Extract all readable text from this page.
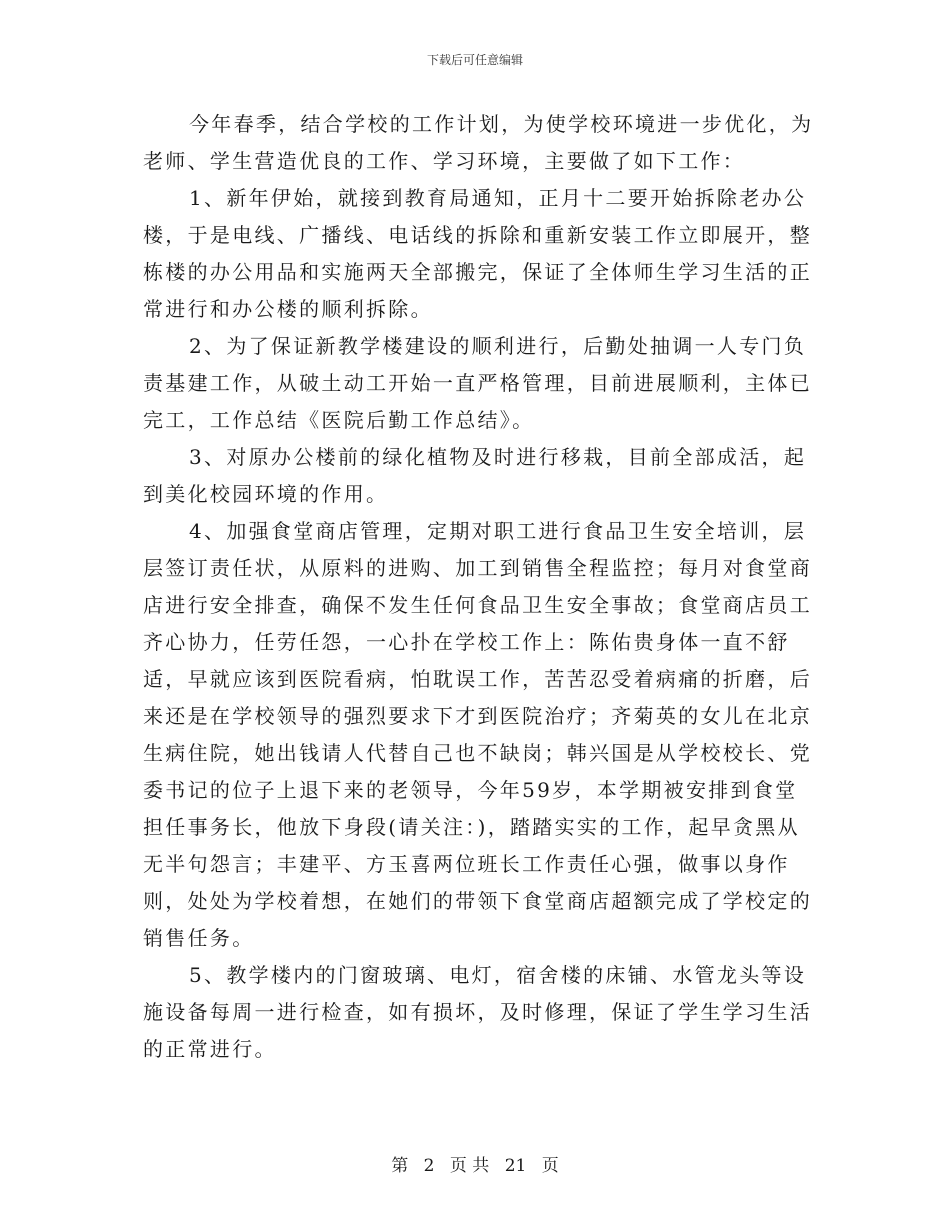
下载后可任意编辑

今年春季，结合学校的工作计划，为使学校环境进一步优化，为老师、学生营造优良的工作、学习环境，主要做了如下工作：

1、新年伊始，就接到教育局通知，正月十二要开始拆除老办公楼，于是电线、广播线、电话线的拆除和重新安装工作立即展开，整栋楼的办公用品和实施两天全部搬完，保证了全体师生学习生活的正常进行和办公楼的顺利拆除。

2、为了保证新教学楼建设的顺利进行，后勤处抽调一人专门负责基建工作，从破土动工开始一直严格管理，目前进展顺利，主体已完工，工作总结《医院后勤工作总结》。

3、对原办公楼前的绿化植物及时进行移栽，目前全部成活，起到美化校园环境的作用。

4、加强食堂商店管理，定期对职工进行食品卫生安全培训，层层签订责任状，从原料的进购、加工到销售全程监控；每月对食堂商店进行安全排查，确保不发生任何食品卫生安全事故；食堂商店员工齐心协力，任劳任怨，一心扑在学校工作上：陈佑贵身体一直不舒适，早就应该到医院看病，怕耽误工作，苦苦忍受着病痛的折磨，后来还是在学校领导的强烈要求下才到医院治疗；齐菊英的女儿在北京生病住院，她出钱请人代替自己也不缺岗；韩兴国是从学校校长、党委书记的位子上退下来的老领导，今年59岁，本学期被安排到食堂担任事务长，他放下身段(请关注：)，踏踏实实的工作，起早贪黑从无半句怨言；丰建平、方玉喜两位班长工作责任心强，做事以身作则，处处为学校着想，在她们的带领下食堂商店超额完成了学校定的销售任务。

5、教学楼内的门窗玻璃、电灯，宿舍楼的床铺、水管龙头等设施设备每周一进行检查，如有损坏，及时修理，保证了学生学习生活的正常进行。

第 2 页 共 21 页
